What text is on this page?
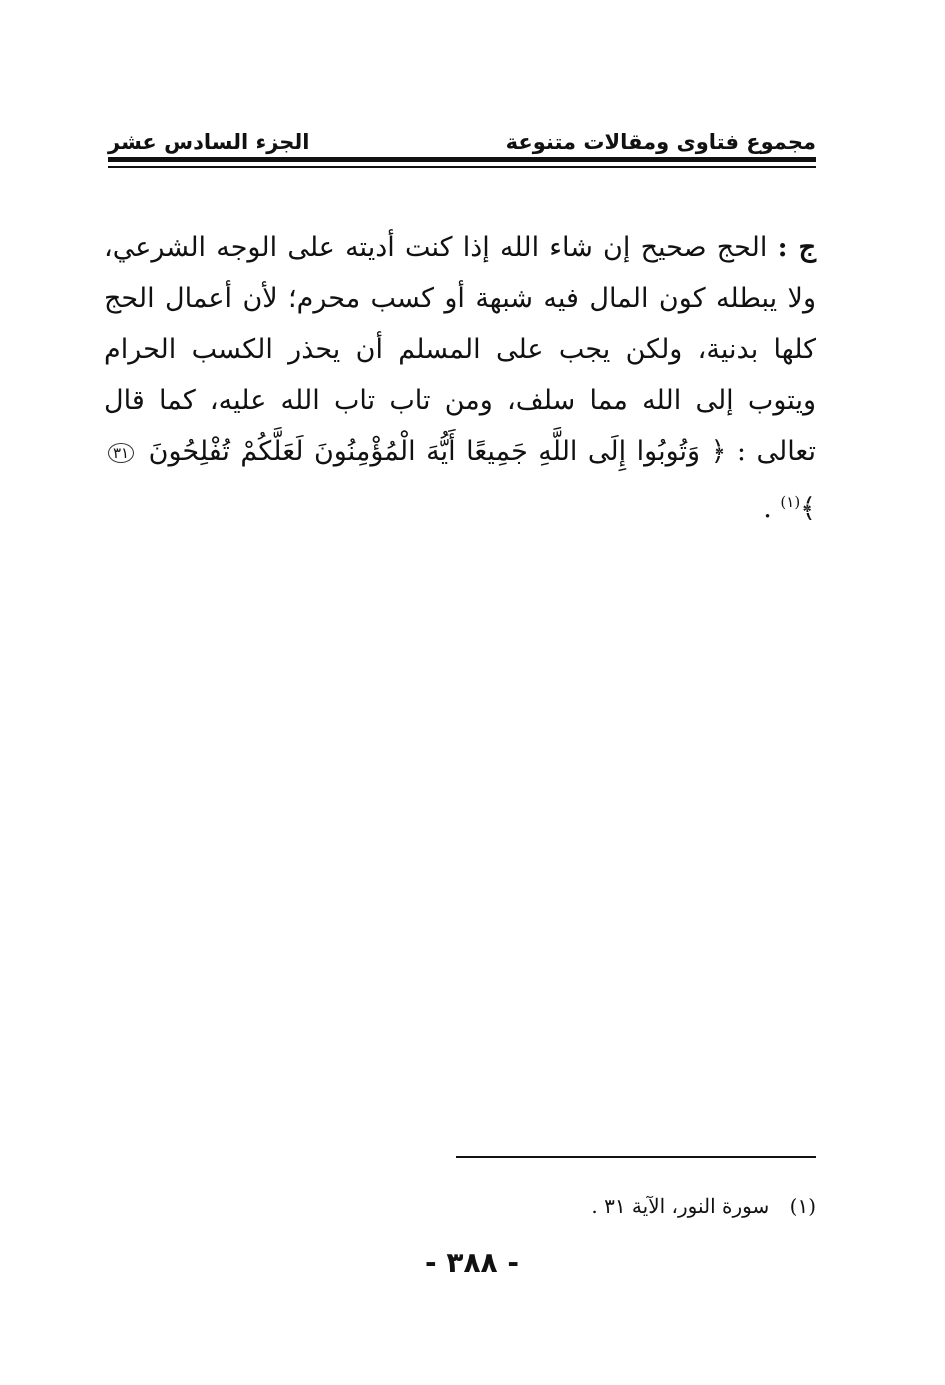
مجموع فتاوى ومقالات متنوعة
الجزء السادس عشر

ج : الحج صحيح إن شاء الله إذا كنت أديته على الوجه الشرعي، ولا يبطله كون المال فيه شبهة أو كسب محرم؛ لأن أعمال الحج كلها بدنية، ولكن يجب على المسلم أن يحذر الكسب الحرام ويتوب إلى الله مما سلف، ومن تاب تاب الله عليه، كما قال تعالى : ﴿ وَتُوبُوا إِلَى اللَّهِ جَمِيعًا أَيُّهَ الْمُؤْمِنُونَ لَعَلَّكُمْ تُفْلِحُونَ ٣١ ﴾$^{(١)}$ .

(١) سورة النور، الآية ٣١ .
- ٣٨٨ -
